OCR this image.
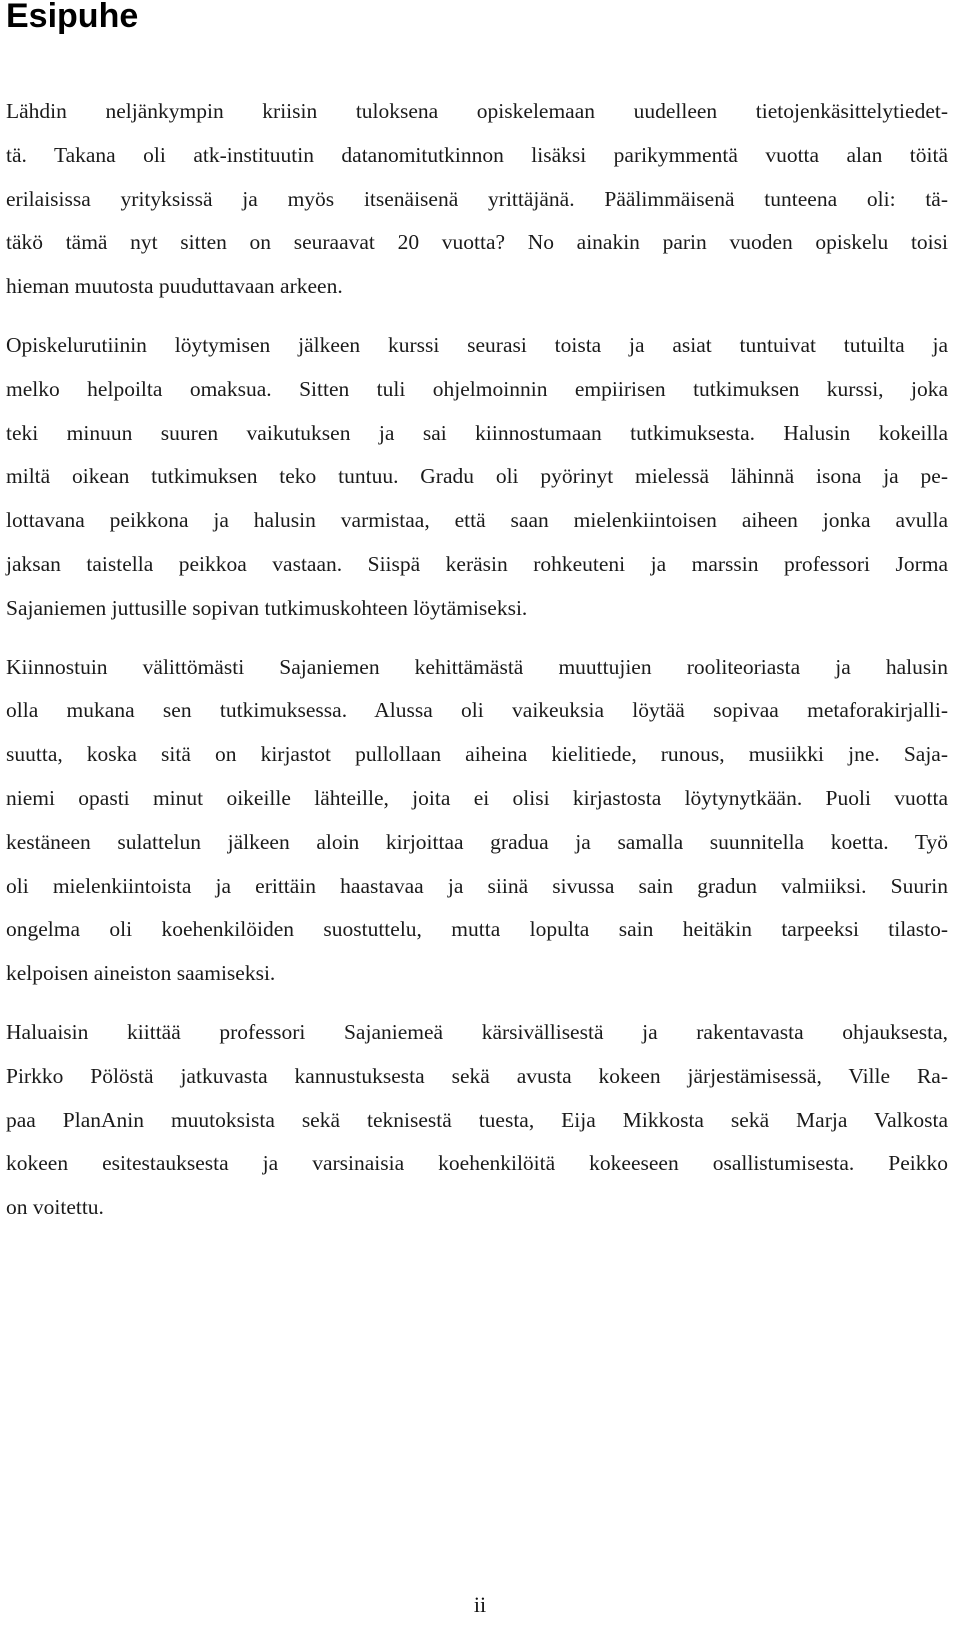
Esipuhe

Lähdin neljänkympin kriisin tuloksena opiskelemaan uudelleen tietojenkäsittelytiedet-
tä. Takana oli atk-instituutin datanomitutkinnon lisäksi parikymmentä vuotta alan töitä
erilaisissa yrityksissä ja myös itsenäisenä yrittäjänä. Päälimmäisenä tunteena oli: tä-
täkö tämä nyt sitten on seuraavat 20 vuotta? No ainakin parin vuoden opiskelu toisi
hieman muutosta puuduttavaan arkeen.

Opiskelurutiinin löytymisen jälkeen kurssi seurasi toista ja asiat tuntuivat tutuilta ja
melko helpoilta omaksua. Sitten tuli ohjelmoinnin empiirisen tutkimuksen kurssi, joka
teki minuun suuren vaikutuksen ja sai kiinnostumaan tutkimuksesta. Halusin kokeilla
miltä oikean tutkimuksen teko tuntuu. Gradu oli pyörinyt mielessä lähinnä isona ja pe-
lottavana peikkona ja halusin varmistaa, että saan mielenkiintoisen aiheen jonka avulla
jaksan taistella peikkoa vastaan. Siispä keräsin rohkeuteni ja marssin professori Jorma
Sajaniemen juttusille sopivan tutkimuskohteen löytämiseksi.

Kiinnostuin välittömästi Sajaniemen kehittämästä muuttujien rooliteoriasta ja halusin
olla mukana sen tutkimuksessa. Alussa oli vaikeuksia löytää sopivaa metaforakirjalli-
suutta, koska sitä on kirjastot pullollaan aiheina kielitiede, runous, musiikki jne. Saja-
niemi opasti minut oikeille lähteille, joita ei olisi kirjastosta löytynytkään. Puoli vuotta
kestäneen sulattelun jälkeen aloin kirjoittaa gradua ja samalla suunnitella koetta. Työ
oli mielenkiintoista ja erittäin haastavaa ja siinä sivussa sain gradun valmiiksi. Suurin
ongelma oli koehenkilöiden suostuttelu, mutta lopulta sain heitäkin tarpeeksi tilasto-
kelpoisen aineiston saamiseksi.

Haluaisin kiittää professori Sajaniemeä kärsivällisestä ja rakentavasta ohjauksesta,
Pirkko Pölöstä jatkuvasta kannustuksesta sekä avusta kokeen järjestämisessä, Ville Ra-
paa PlanAnin muutoksista sekä teknisestä tuesta, Eija Mikkosta sekä Marja Valkosta
kokeen esitestauksesta ja varsinaisia koehenkilöitä kokeeseen osallistumisesta. Peikko
on voitettu.

ii
